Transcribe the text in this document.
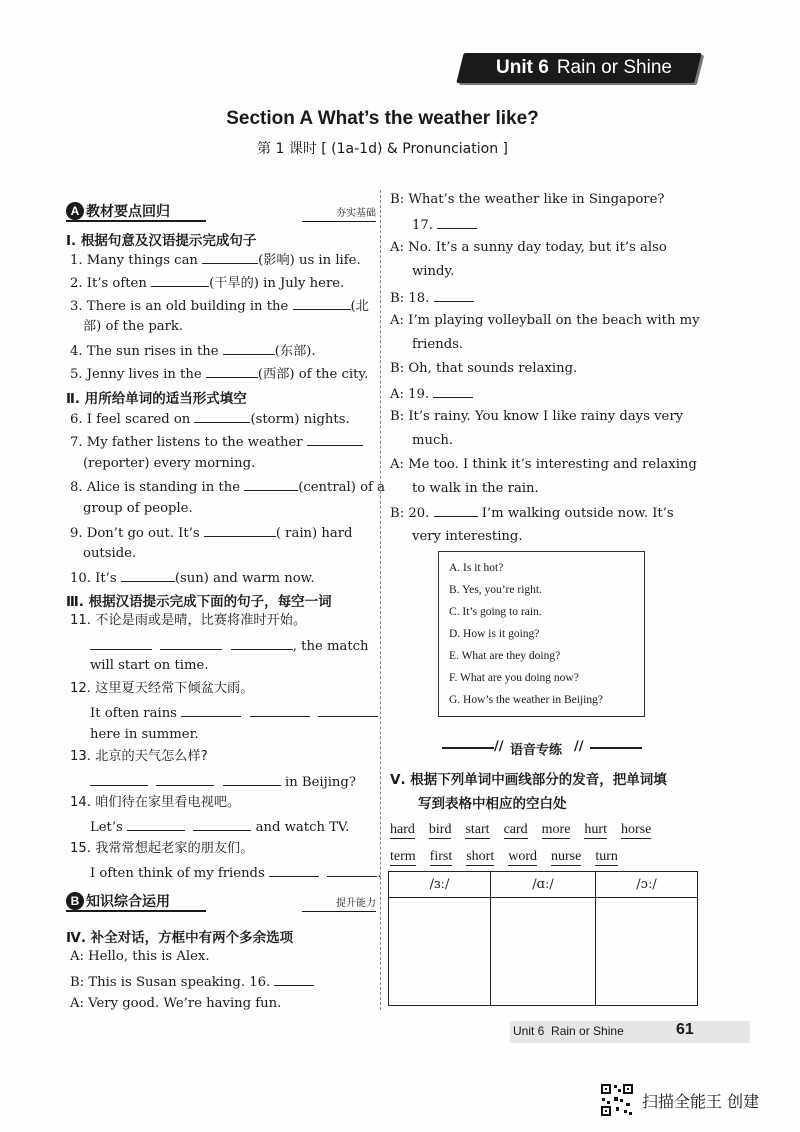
Unit 6 Rain or Shine
Section A What’s the weather like?
第 1 课时 [ (1a-1d) & Pronunciation ]
A 教材要点回归	夯实基础
Ⅰ. 根据句意及汉语提示完成句子
1. Many things can	(影响) us in life.
2. It’s often	(干旱的) in July here.
3. There is an old building in the	(北
部) of the park.
4. The sun rises in the	(东部).
5. Jenny lives in the	(西部) of the city.
Ⅱ. 用所给单词的适当形式填空
6. I feel scared on	(storm) nights.
7. My father listens to the weather
(reporter) every morning.
8. Alice is standing in the	(central) of a
group of people.
9. Don’t go out. It’s	( rain) hard
outside.
10. It’s	(sun) and warm now.
Ⅲ. 根据汉语提示完成下面的句子，每空一词
11. 不论是雨或是晴，比赛将准时开始。
, the match
will start on time.
12. 这里夏天经常下倾盆大雨。
It often rains
here in summer.
13. 北京的天气怎么样?
in Beijing?
14. 咱们待在家里看电视吧。
Let’s	and watch TV.
15. 我常常想起老家的朋友们。
I often think of my friends	.
B 知识综合运用	提升能力
Ⅳ. 补全对话，方框中有两个多余选项
A: Hello, this is Alex.
B: This is Susan speaking. 16.
A: Very good. We’re having fun.
B: What’s the weather like in Singapore?
17.
A: No. It’s a sunny day today, but it’s also
windy.
B: 18.
A: I’m playing volleyball on the beach with my
friends.
B: Oh, that sounds relaxing.
A: 19.
B: It’s rainy. You know I like rainy days very
much.
A: Me too. I think it’s interesting and relaxing
to walk in the rain.
B: 20.	I’m walking outside now. It’s
very interesting.
A. Is it hot?
B. Yes, you’re right.
C. It’s going to rain.
D. How is it going?
E. What are they doing?
F. What are you doing now?
G. How’s the weather in Beijing?
// 语音专练 //
Ⅴ. 根据下列单词中画线部分的发音，把单词填
写到表格中相应的空白处
hard bird start card more hurt horse
term first short word nurse turn
/ɜː/	/ɑː/	/ɔː/

Unit 6 Rain or Shine	61
扫描全能王 创建
